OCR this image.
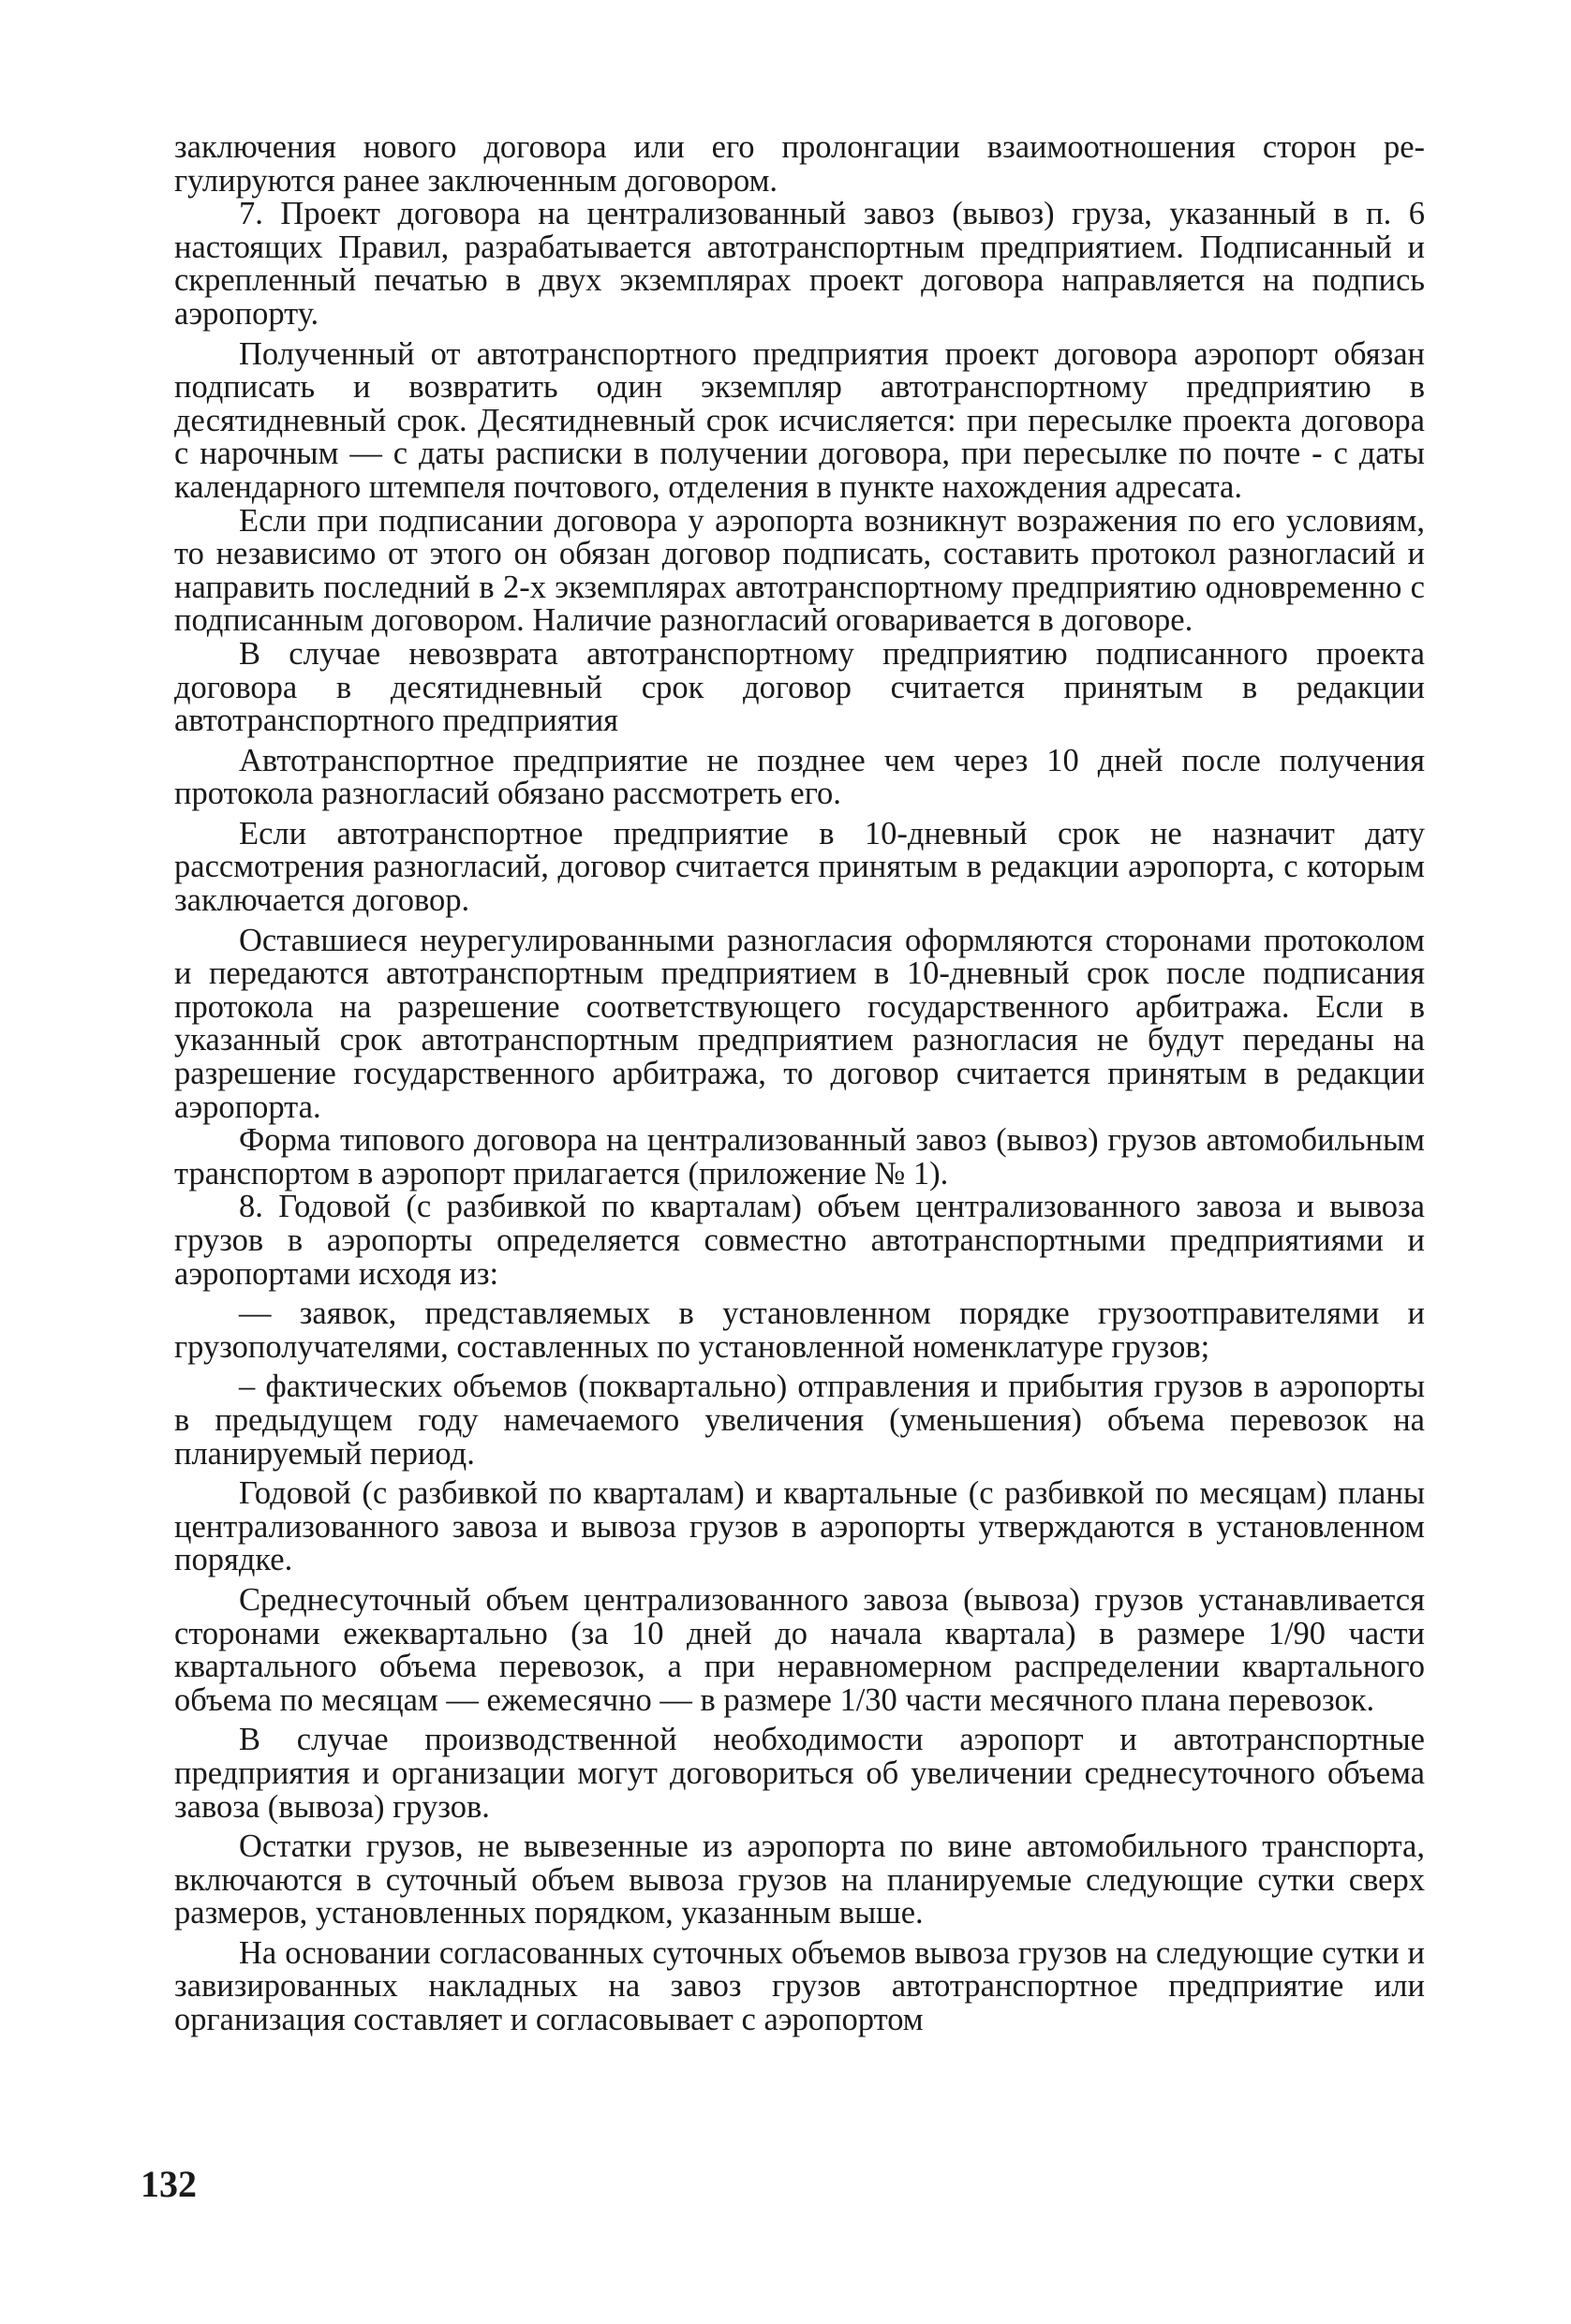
заключения нового договора или его пролонгации взаимоотношения сторон ре-гулируются ранее заключенным договором.

7. Проект договора на централизованный завоз (вывоз) груза, указанный в п. 6 настоящих Правил, разрабатывается автотранспортным предприятием. Подписанный и скрепленный печатью в двух экземплярах проект договора направляется на подпись аэропорту.

Полученный от автотранспортного предприятия проект договора аэропорт обязан подписать и возвратить один экземпляр автотранспортному предприятию в десятидневный срок. Десятидневный срок исчисляется: при пересылке проекта договора с нарочным — с даты расписки в получении договора, при пересылке по почте - с даты календарного штемпеля почтового, отделения в пункте нахождения адресата.

Если при подписании договора у аэропорта возникнут возражения по его условиям, то независимо от этого он обязан договор подписать, составить протокол разногласий и направить последний в 2-х экземплярах автотранспортному предприятию одновременно с подписанным договором. Наличие разногласий оговаривается в договоре.

В случае невозврата автотранспортному предприятию подписанного проекта договора в десятидневный срок договор считается принятым в редакции автотранспортного предприятия

Автотранспортное предприятие не позднее чем через 10 дней после получения протокола разногласий обязано рассмотреть его.

Если автотранспортное предприятие в 10-дневный срок не назначит дату рассмотрения разногласий, договор считается принятым в редакции аэропорта, с которым заключается договор.

Оставшиеся неурегулированными разногласия оформляются сторонами протоколом и передаются автотранспортным предприятием в 10-дневный срок после подписания протокола на разрешение соответствующего государственного арбитража. Если в указанный срок автотранспортным предприятием разногласия не будут переданы на разрешение государственного арбитража, то договор считается принятым в редакции аэропорта.

Форма типового договора на централизованный завоз (вывоз) грузов автомобильным транспортом в аэропорт прилагается (приложение № 1).

8. Годовой (с разбивкой по кварталам) объем централизованного завоза и вывоза грузов в аэропорты определяется совместно автотранспортными предприятиями и аэропортами исходя из:

— заявок, представляемых в установленном порядке грузоотправителями и грузополучателями, составленных по установленной номенклатуре грузов;

– фактических объемов (поквартально) отправления и прибытия грузов в аэропорты в предыдущем году намечаемого увеличения (уменьшения) объема перевозок на планируемый период.

Годовой (с разбивкой по кварталам) и квартальные (с разбивкой по месяцам) планы централизованного завоза и вывоза грузов в аэропорты утверждаются в установленном порядке.

Среднесуточный объем централизованного завоза (вывоза) грузов устанавливается сторонами ежеквартально (за 10 дней до начала квартала) в размере 1/90 части квартального объема перевозок, а при неравномерном распределении квартального объема по месяцам — ежемесячно — в размере 1/30 части месячного плана перевозок.

В случае производственной необходимости аэропорт и автотранспортные предприятия и организации могут договориться об увеличении среднесуточного объема завоза (вывоза) грузов.

Остатки грузов, не вывезенные из аэропорта по вине автомобильного транспорта, включаются в суточный объем вывоза грузов на планируемые следующие сутки сверх размеров, установленных порядком, указанным выше.

На основании согласованных суточных объемов вывоза грузов на следующие сутки и завизированных накладных на завоз грузов автотранспортное предприятие или организация составляет и согласовывает с аэропортом

132
